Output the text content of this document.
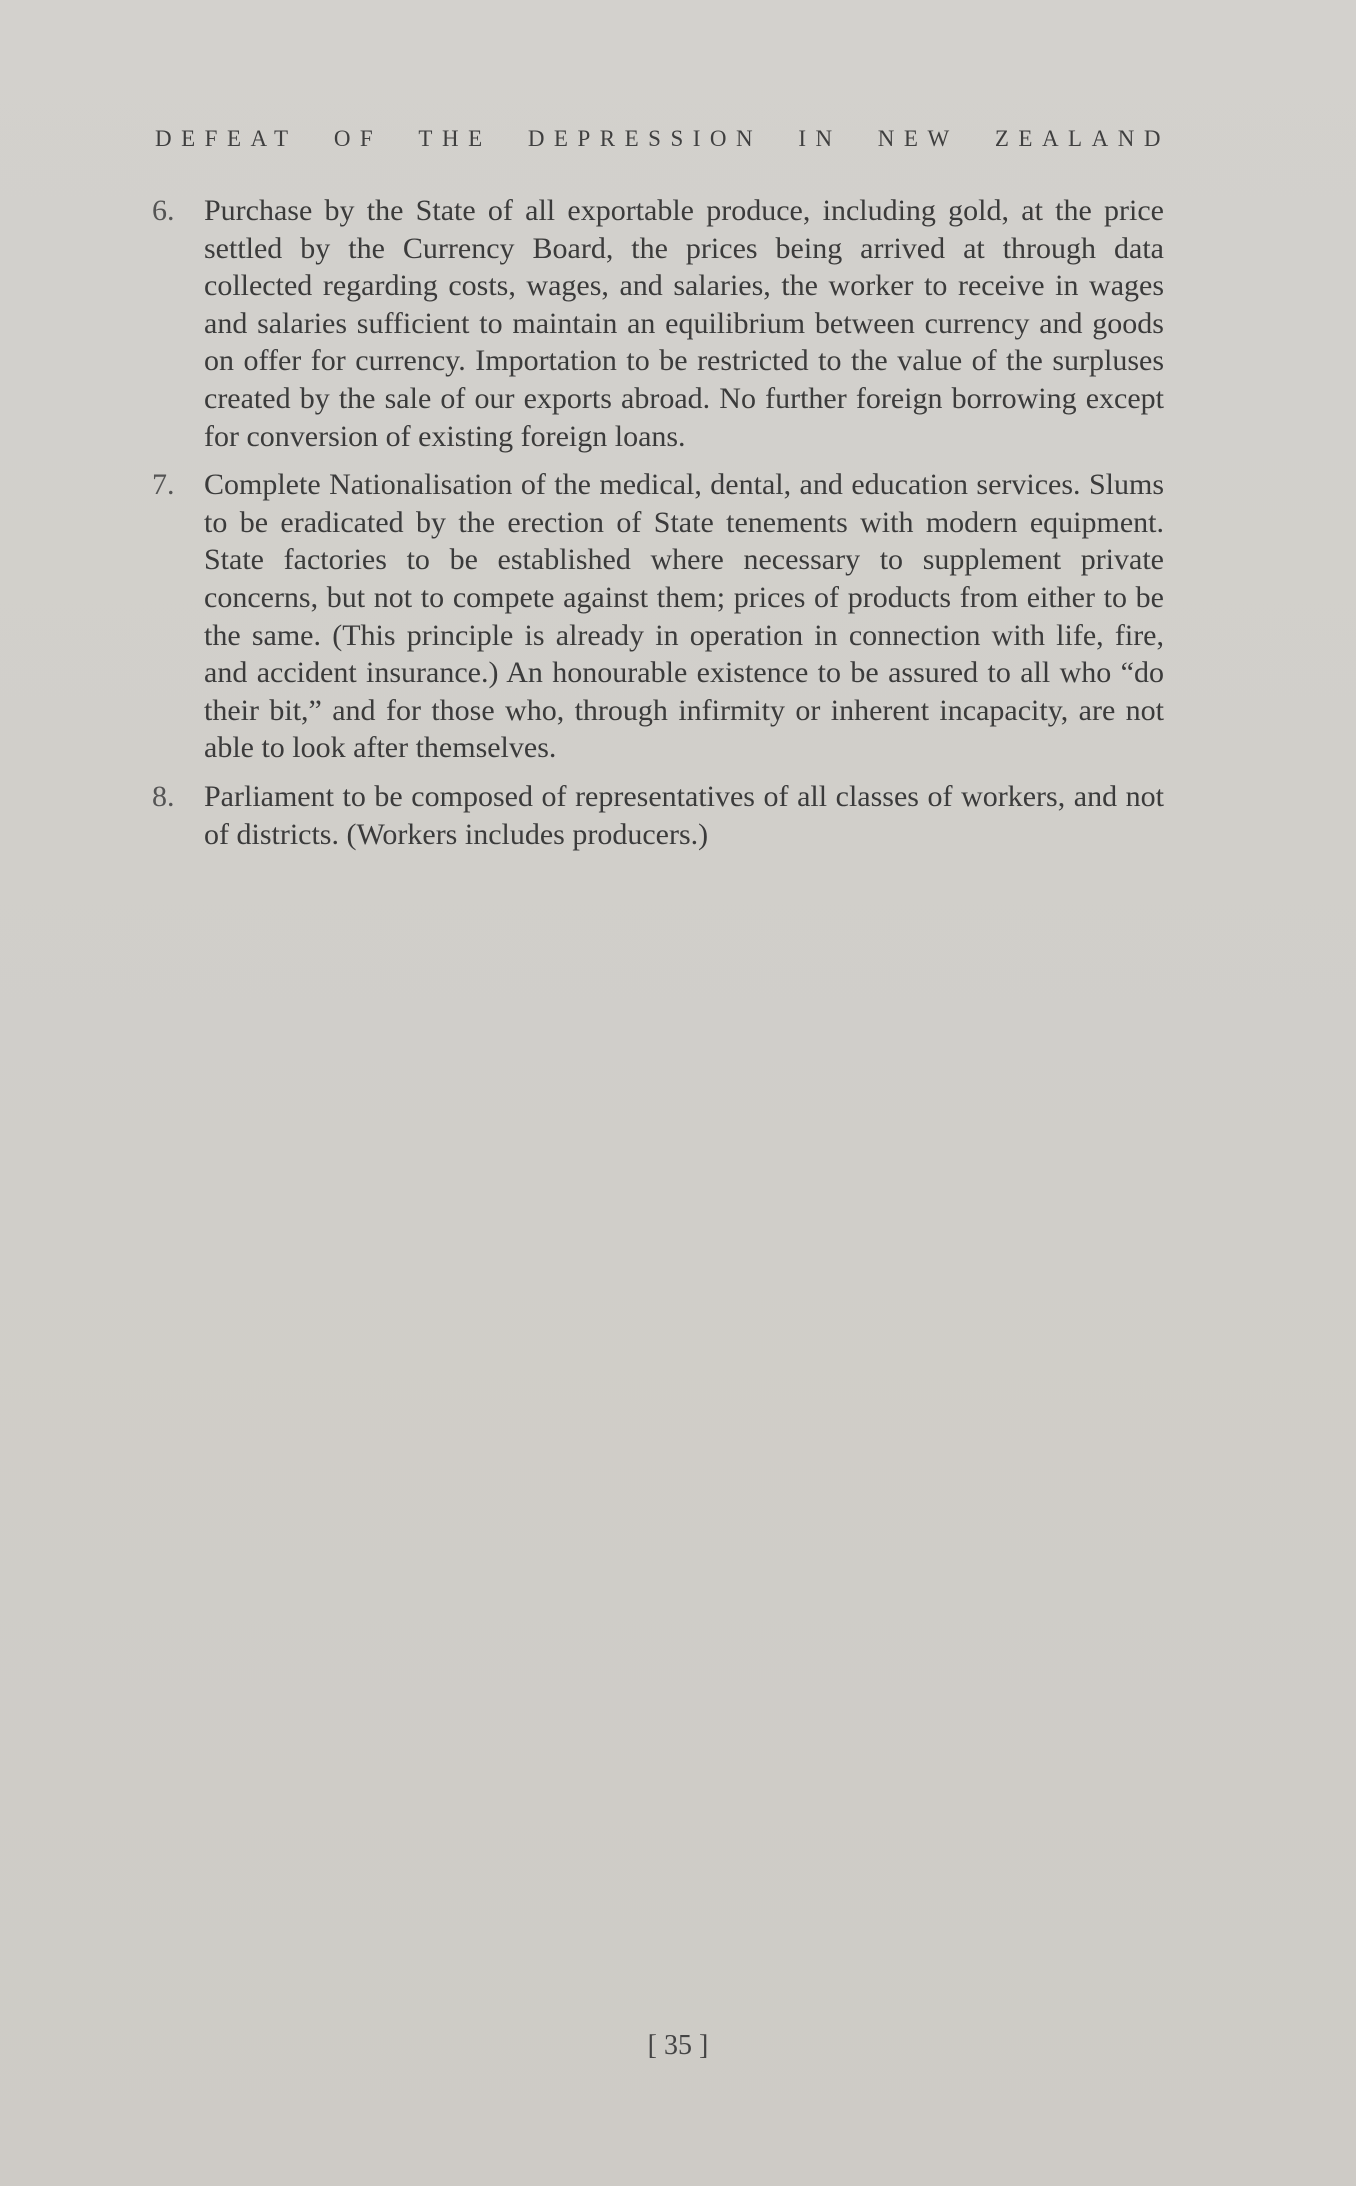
DEFEAT OF THE DEPRESSION IN NEW ZEALAND
6. Purchase by the State of all exportable produce, including gold, at the price settled by the Currency Board, the prices being arrived at through data collected regarding costs, wages, and salaries, the worker to receive in wages and salaries sufficient to maintain an equilibrium between currency and goods on offer for currency. Importation to be restricted to the value of the surpluses created by the sale of our exports abroad. No further foreign borrowing except for conversion of existing foreign loans.
7. Complete Nationalisation of the medical, dental, and education services. Slums to be eradicated by the erection of State tenements with modern equipment. State factories to be established where necessary to supplement private concerns, but not to compete against them; prices of products from either to be the same. (This principle is already in operation in connection with life, fire, and accident insurance.) An honourable existence to be assured to all who “do their bit,” and for those who, through infirmity or inherent incapacity, are not able to look after themselves.
8. Parliament to be composed of representatives of all classes of workers, and not of districts. (Workers includes producers.)
[ 35 ]
